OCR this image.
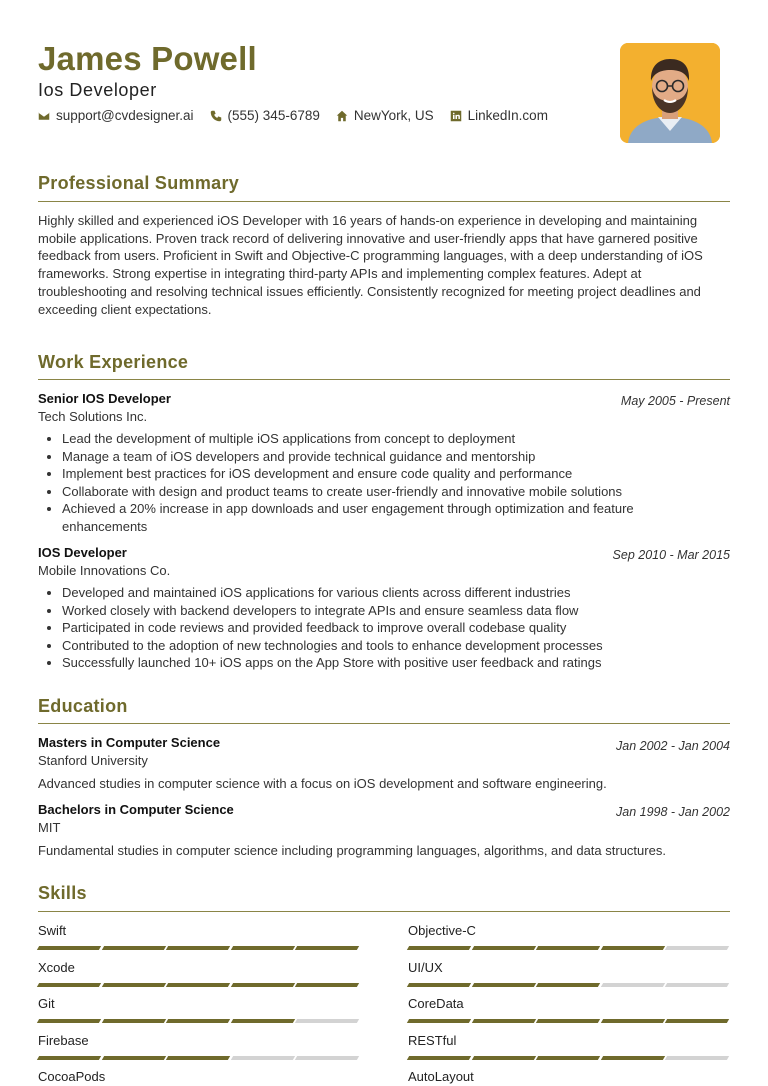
James Powell
Ios Developer
support@cvdesigner.ai	(555) 345-6789	NewYork, US	LinkedIn.com
Professional Summary
Highly skilled and experienced iOS Developer with 16 years of hands-on experience in developing and maintaining mobile applications. Proven track record of delivering innovative and user-friendly apps that have garnered positive feedback from users. Proficient in Swift and Objective-C programming languages, with a deep understanding of iOS frameworks. Strong expertise in integrating third-party APIs and implementing complex features. Adept at troubleshooting and resolving technical issues efficiently. Consistently recognized for meeting project deadlines and exceeding client expectations.
Work Experience
Senior IOS Developer	May 2005 - Present
Tech Solutions Inc.
• Lead the development of multiple iOS applications from concept to deployment
• Manage a team of iOS developers and provide technical guidance and mentorship
• Implement best practices for iOS development and ensure code quality and performance
• Collaborate with design and product teams to create user-friendly and innovative mobile solutions
• Achieved a 20% increase in app downloads and user engagement through optimization and feature enhancements
IOS Developer	Sep 2010 - Mar 2015
Mobile Innovations Co.
• Developed and maintained iOS applications for various clients across different industries
• Worked closely with backend developers to integrate APIs and ensure seamless data flow
• Participated in code reviews and provided feedback to improve overall codebase quality
• Contributed to the adoption of new technologies and tools to enhance development processes
• Successfully launched 10+ iOS apps on the App Store with positive user feedback and ratings
Education
Masters in Computer Science	Jan 2002 - Jan 2004
Stanford University
Advanced studies in computer science with a focus on iOS development and software engineering.
Bachelors in Computer Science	Jan 1998 - Jan 2002
MIT
Fundamental studies in computer science including programming languages, algorithms, and data structures.
Skills
Swift	Objective-C
Xcode	UI/UX
Git	CoreData
Firebase	RESTful
CocoaPods	AutoLayout
